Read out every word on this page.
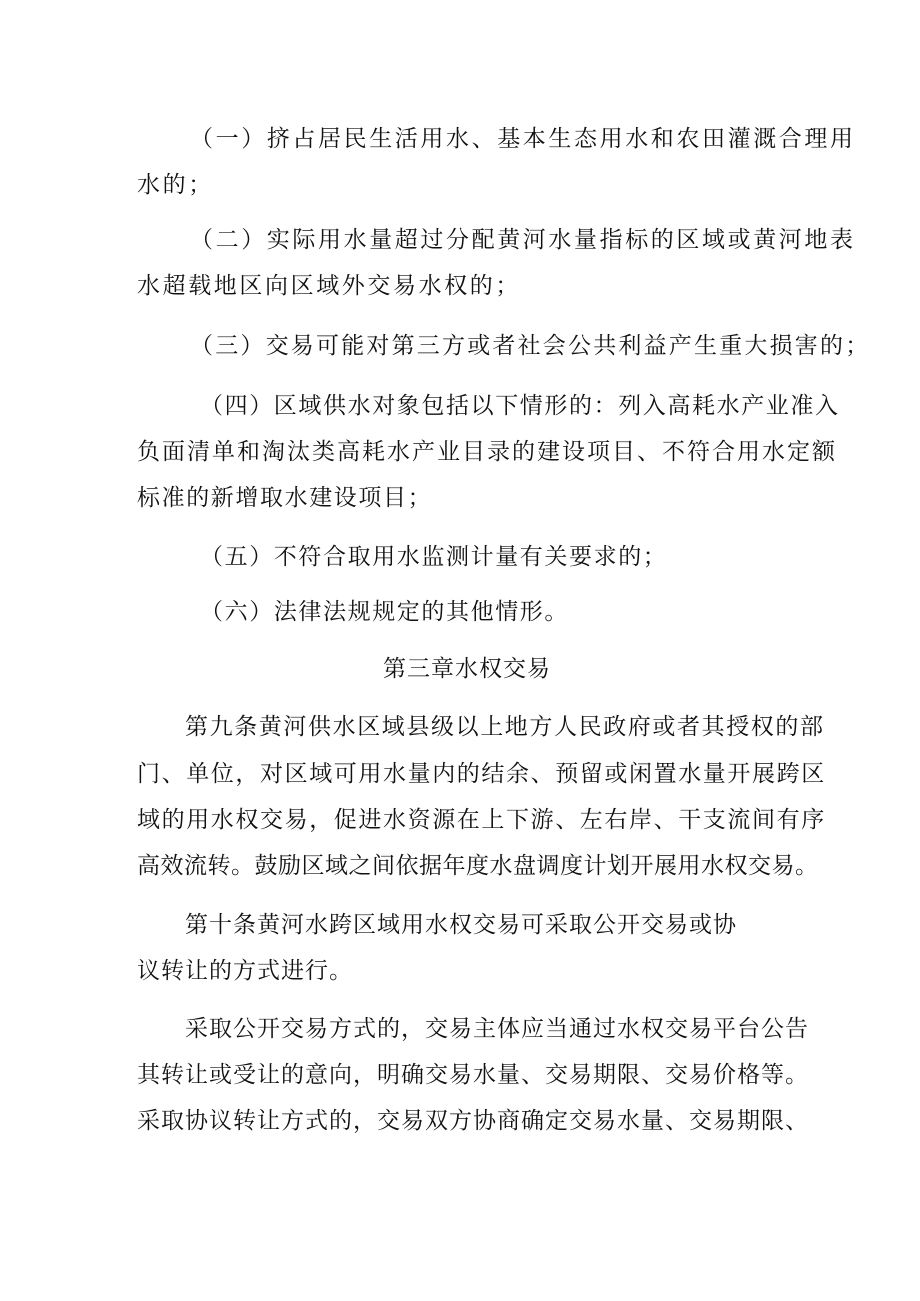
（一）挤占居民生活用水、基本生态用水和农田灌溉合理用
水的；
（二）实际用水量超过分配黄河水量指标的区域或黄河地表
水超载地区向区域外交易水权的；
（三）交易可能对第三方或者社会公共利益产生重大损害的；
（四）区域供水对象包括以下情形的：列入高耗水产业准入
负面清单和淘汰类高耗水产业目录的建设项目、不符合用水定额
标准的新增取水建设项目；
（五）不符合取用水监测计量有关要求的；
（六）法律法规规定的其他情形。
第三章水权交易
第九条黄河供水区域县级以上地方人民政府或者其授权的部
门、单位，对区域可用水量内的结余、预留或闲置水量开展跨区
域的用水权交易，促进水资源在上下游、左右岸、干支流间有序
高效流转。鼓励区域之间依据年度水盘调度计划开展用水权交易。
第十条黄河水跨区域用水权交易可采取公开交易或协
议转让的方式进行。
采取公开交易方式的，交易主体应当通过水权交易平台公告
其转让或受让的意向，明确交易水量、交易期限、交易价格等。
采取协议转让方式的，交易双方协商确定交易水量、交易期限、
